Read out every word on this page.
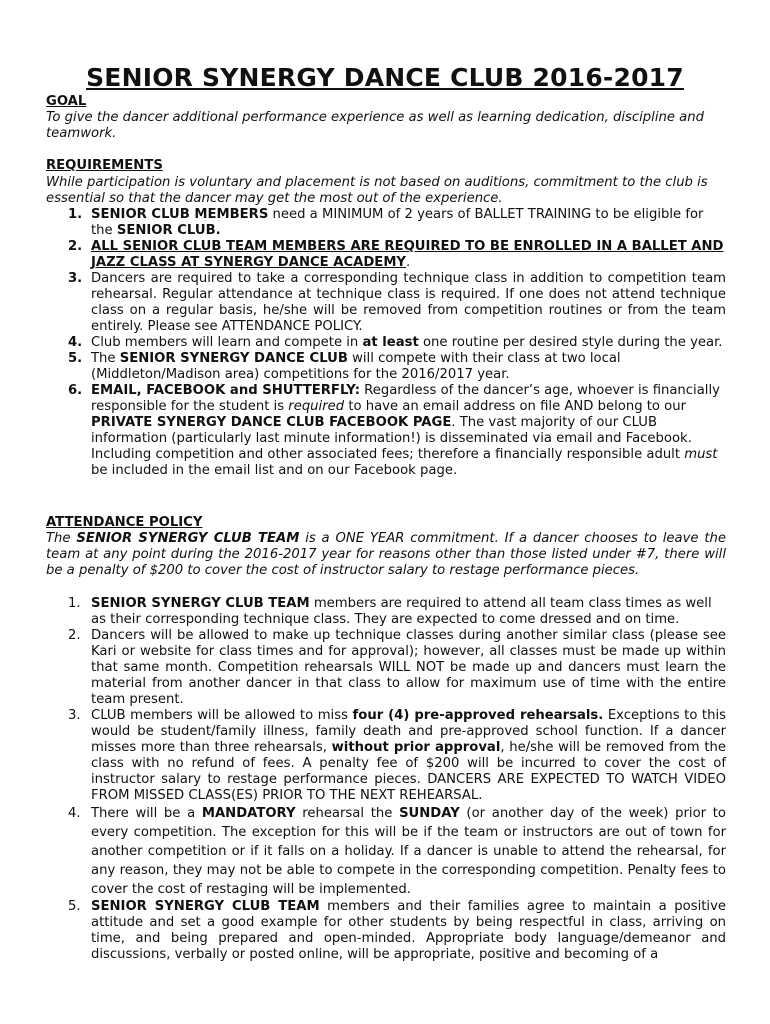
SENIOR SYNERGY DANCE CLUB 2016-2017
GOAL
To give the dancer additional performance experience as well as learning dedication, discipline and teamwork.
REQUIREMENTS
While participation is voluntary and placement is not based on auditions, commitment to the club is essential so that the dancer may get the most out of the experience.
1. SENIOR CLUB MEMBERS need a MINIMUM of 2 years of BALLET TRAINING to be eligible for the SENIOR CLUB.
2. ALL SENIOR CLUB TEAM MEMBERS ARE REQUIRED TO BE ENROLLED IN A BALLET AND JAZZ CLASS AT SYNERGY DANCE ACADEMY.
3. Dancers are required to take a corresponding technique class in addition to competition team rehearsal. Regular attendance at technique class is required. If one does not attend technique class on a regular basis, he/she will be removed from competition routines or from the team entirely. Please see ATTENDANCE POLICY.
4. Club members will learn and compete in at least one routine per desired style during the year.
5. The SENIOR SYNERGY DANCE CLUB will compete with their class at two local (Middleton/Madison area) competitions for the 2016/2017 year.
6. EMAIL, FACEBOOK and SHUTTERFLY: Regardless of the dancer’s age, whoever is financially responsible for the student is required to have an email address on file AND belong to our PRIVATE SYNERGY DANCE CLUB FACEBOOK PAGE. The vast majority of our CLUB information (particularly last minute information!) is disseminated via email and Facebook. Including competition and other associated fees; therefore a financially responsible adult must be included in the email list and on our Facebook page.
ATTENDANCE POLICY
The SENIOR SYNERGY CLUB TEAM is a ONE YEAR commitment. If a dancer chooses to leave the team at any point during the 2016-2017 year for reasons other than those listed under #7, there will be a penalty of $200 to cover the cost of instructor salary to restage performance pieces.
1. SENIOR SYNERGY CLUB TEAM members are required to attend all team class times as well as their corresponding technique class. They are expected to come dressed and on time.
2. Dancers will be allowed to make up technique classes during another similar class (please see Kari or website for class times and for approval); however, all classes must be made up within that same month. Competition rehearsals WILL NOT be made up and dancers must learn the material from another dancer in that class to allow for maximum use of time with the entire team present.
3. CLUB members will be allowed to miss four (4) pre-approved rehearsals. Exceptions to this would be student/family illness, family death and pre-approved school function. If a dancer misses more than three rehearsals, without prior approval, he/she will be removed from the class with no refund of fees. A penalty fee of $200 will be incurred to cover the cost of instructor salary to restage performance pieces. DANCERS ARE EXPECTED TO WATCH VIDEO FROM MISSED CLASS(ES) PRIOR TO THE NEXT REHEARSAL.
4. There will be a MANDATORY rehearsal the SUNDAY (or another day of the week) prior to every competition. The exception for this will be if the team or instructors are out of town for another competition or if it falls on a holiday. If a dancer is unable to attend the rehearsal, for any reason, they may not be able to compete in the corresponding competition. Penalty fees to cover the cost of restaging will be implemented.
5. SENIOR SYNERGY CLUB TEAM members and their families agree to maintain a positive attitude and set a good example for other students by being respectful in class, arriving on time, and being prepared and open-minded. Appropriate body language/demeanor and discussions, verbally or posted online, will be appropriate, positive and becoming of a
